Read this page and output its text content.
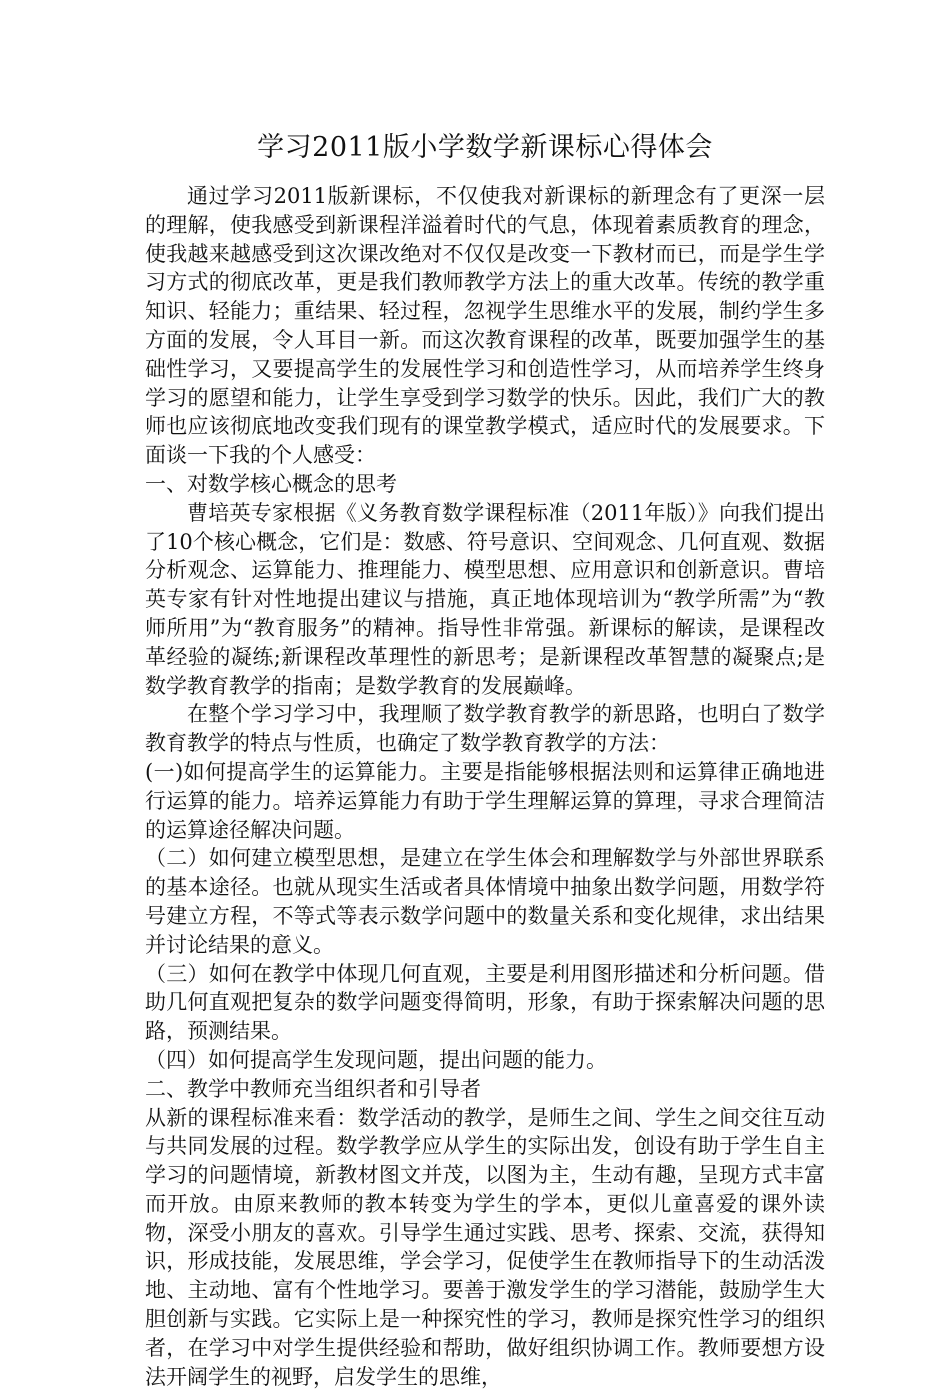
学习2011版小学数学新课标心得体会

通过学习2011版新课标，不仅使我对新课标的新理念有了更深一层的理解，使我感受到新课程洋溢着时代的气息，体现着素质教育的理念，使我越来越感受到这次课改绝对不仅仅是改变一下教材而已，而是学生学习方式的彻底改革，更是我们教师教学方法上的重大改革。传统的教学重知识、轻能力；重结果、轻过程，忽视学生思维水平的发展，制约学生多方面的发展，令人耳目一新。而这次教育课程的改革，既要加强学生的基础性学习，又要提高学生的发展性学习和创造性学习，从而培养学生终身学习的愿望和能力，让学生享受到学习数学的快乐。因此，我们广大的教师也应该彻底地改变我们现有的课堂教学模式，适应时代的发展要求。下面谈一下我的个人感受：

一、对数学核心概念的思考

曹培英专家根据《义务教育数学课程标准（2011年版）》向我们提出了10个核心概念，它们是：数感、符号意识、空间观念、几何直观、数据分析观念、运算能力、推理能力、模型思想、应用意识和创新意识。曹培英专家有针对性地提出建议与措施，真正地体现培训为“教学所需”为“教师所用”为“教育服务”的精神。指导性非常强。新课标的解读，是课程改革经验的凝练;新课程改革理性的新思考；是新课程改革智慧的凝聚点;是数学教育教学的指南；是数学教育的发展巅峰。

在整个学习学习中，我理顺了数学教育教学的新思路，也明白了数学教育教学的特点与性质，也确定了数学教育教学的方法：

(一)如何提高学生的运算能力。主要是指能够根据法则和运算律正确地进行运算的能力。培养运算能力有助于学生理解运算的算理，寻求合理简洁的运算途径解决问题。

（二）如何建立模型思想，是建立在学生体会和理解数学与外部世界联系的基本途径。也就从现实生活或者具体情境中抽象出数学问题，用数学符号建立方程，不等式等表示数学问题中的数量关系和变化规律，求出结果并讨论结果的意义。

（三）如何在教学中体现几何直观，主要是利用图形描述和分析问题。借助几何直观把复杂的数学问题变得简明，形象，有助于探索解决问题的思路，预测结果。

（四）如何提高学生发现问题，提出问题的能力。

二、教学中教师充当组织者和引导者

从新的课程标准来看：数学活动的教学，是师生之间、学生之间交往互动与共同发展的过程。数学教学应从学生的实际出发，创设有助于学生自主学习的问题情境，新教材图文并茂，以图为主，生动有趣，呈现方式丰富而开放。由原来教师的教本转变为学生的学本，更似儿童喜爱的课外读物，深受小朋友的喜欢。引导学生通过实践、思考、探索、交流，获得知识，形成技能，发展思维，学会学习，促使学生在教师指导下的生动活泼地、主动地、富有个性地学习。要善于激发学生的学习潜能，鼓励学生大胆创新与实践。它实际上是一种探究性的学习，教师是探究性学习的组织者，在学习中对学生提供经验和帮助，做好组织协调工作。教师要想方设法开阔学生的视野，启发学生的思维，
